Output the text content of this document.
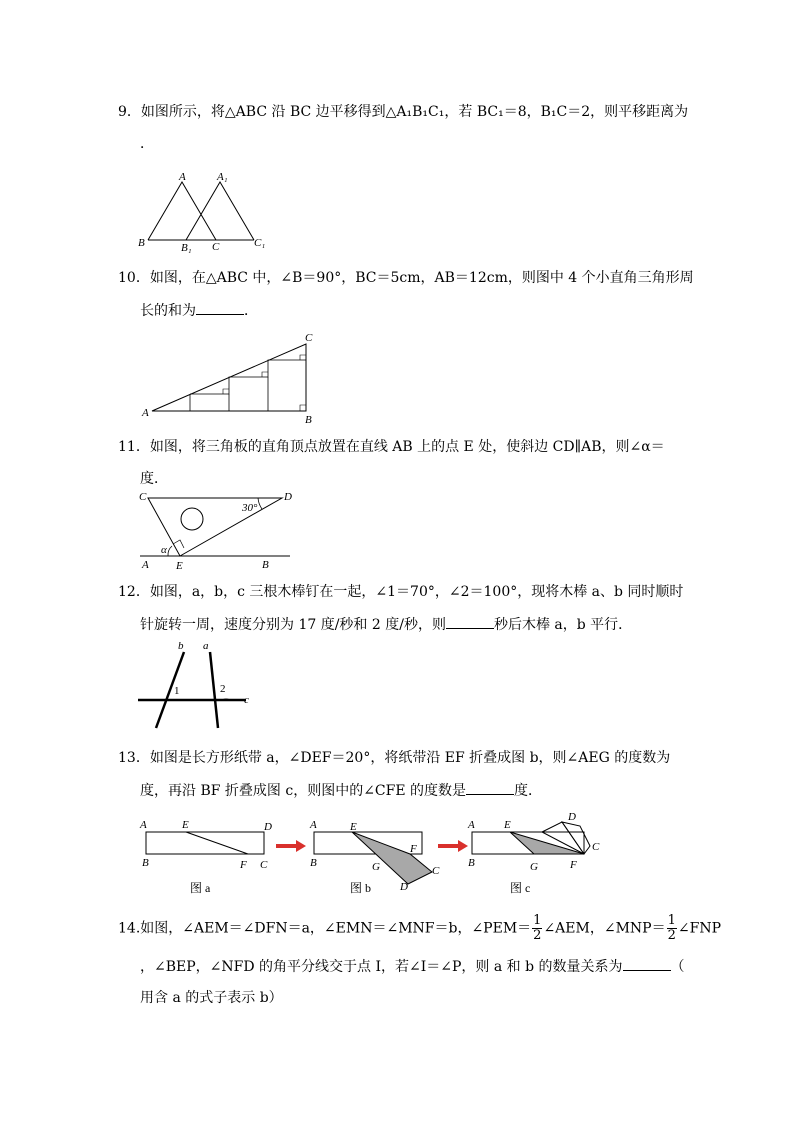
9．如图所示，将△ABC 沿 BC 边平移得到△A₁B₁C₁，若 BC₁＝8，B₁C＝2，则平移距离为
．
B
A	A₁
B₁ C	C₁
10．如图，在△ABC 中，∠B＝90°，BC＝5cm，AB＝12cm，则图中 4 个小直角三角形周
长的和为	．
A
B
C
11．如图，将三角板的直角顶点放置在直线 AB 上的点 E 处，使斜边 CD∥AB，则∠α＝
度．
C	D
30°
α
A E	B
12．如图，a，b，c 三根木棒钉在一起，∠1＝70°，∠2＝100°，现将木棒 a、b 同时顺时
针旋转一周，速度分别为 17 度/秒和 2 度/秒，则	秒后木棒 a，b 平行．
b a
c
1	2
13．如图是长方形纸带 a，∠DEF＝20°，将纸带沿 EF 折叠成图 b，则∠AEG 的度数为
度，再沿 BF 折叠成图 c，则图中的∠CFE 的度数是	度．
A	E	D
B	F C
A	E
F
B	G	C
D
A	E
D
C
B	G	F
图 a	图 b	图 c
14.如图，∠AEM＝∠DFN＝a，∠EMN＝∠MNF＝b，∠PEM＝ $\frac{1}{2}$ ∠AEM，∠MNP＝ $\frac{1}{2}$ ∠FNP
，∠BEP，∠NFD 的角平分线交于点 I，若∠I＝∠P，则 a 和 b 的数量关系为	（
用含 a 的式子表示 b）
